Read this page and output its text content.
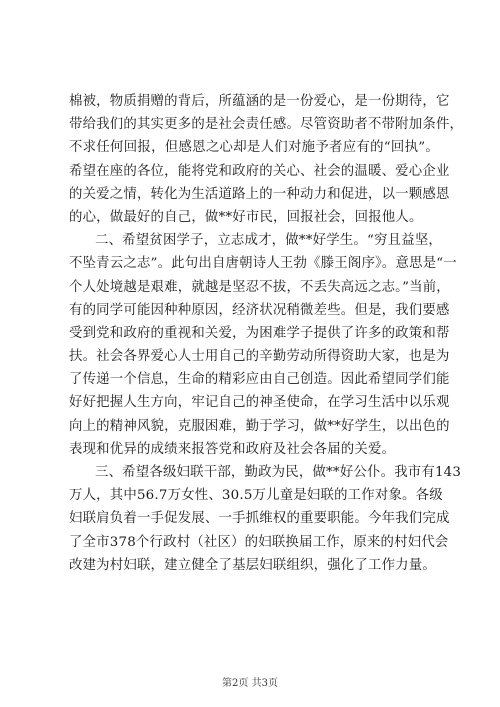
棉被，物质捐赠的背后，所蕴涵的是一份爱心，是一份期待，它
带给我们的其实更多的是社会责任感。尽管资助者不带附加条件，
不求任何回报，但感恩之心却是人们对施予者应有的“回执”。
希望在座的各位，能将党和政府的关心、社会的温暖、爱心企业
的关爱之情，转化为生活道路上的一种动力和促进，以一颗感恩
的心，做最好的自己，做**好市民，回报社会，回报他人。
二、希望贫困学子，立志成才，做**好学生。“穷且益坚，
不坠青云之志”。此句出自唐朝诗人王勃《滕王阁序》。意思是“一
个人处境越是艰难，就越是坚忍不拔，不丢失高远之志。”当前，
有的同学可能因种种原因，经济状况稍微差些。但是，我们要感
受到党和政府的重视和关爱，为困难学子提供了许多的政策和帮
扶。社会各界爱心人士用自己的辛勤劳动所得资助大家，也是为
了传递一个信息，生命的精彩应由自己创造。因此希望同学们能
好好把握人生方向，牢记自己的神圣使命，在学习生活中以乐观
向上的精神风貌，克服困难，勤于学习，做**好学生，以出色的
表现和优异的成绩来报答党和政府及社会各届的关爱。
三、希望各级妇联干部，勤政为民，做**好公仆。我市有143
万人，其中56.7万女性、30.5万儿童是妇联的工作对象。各级
妇联肩负着一手促发展、一手抓维权的重要职能。今年我们完成
了全市378个行政村（社区）的妇联换届工作，原来的村妇代会
改建为村妇联，建立健全了基层妇联组织，强化了工作力量。
第2页 共3页
